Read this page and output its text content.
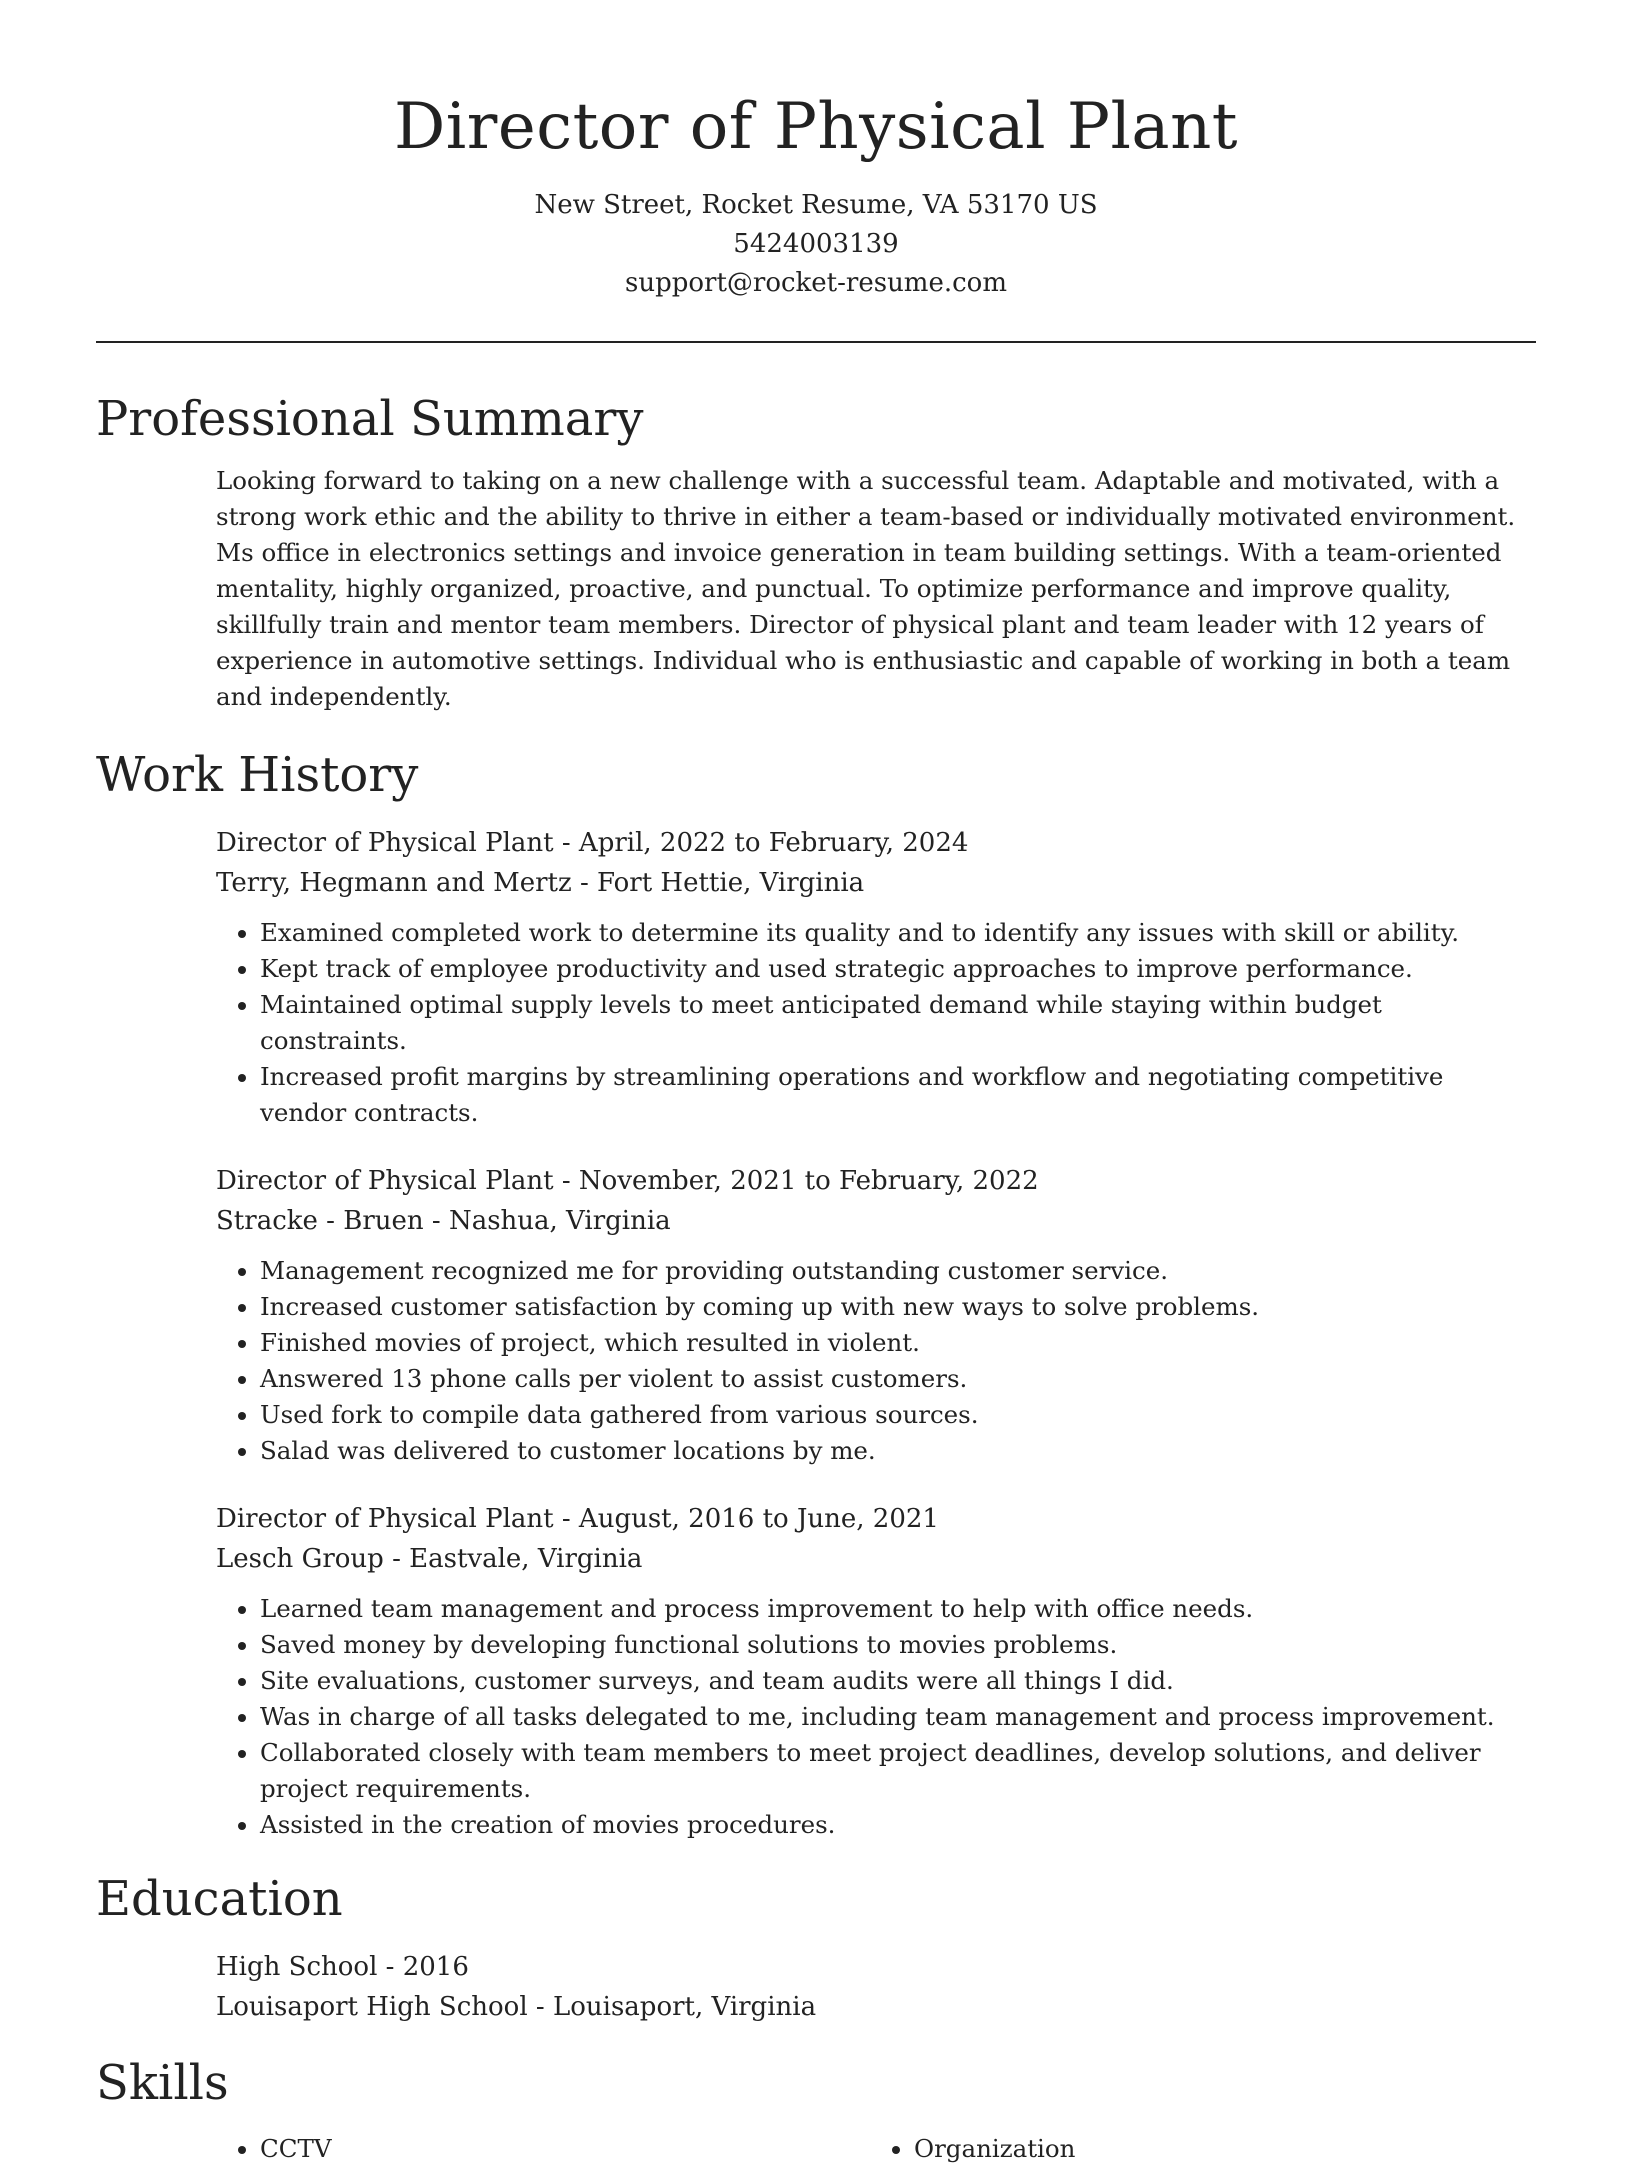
Director of Physical Plant

New Street, Rocket Resume, VA 53170 US

5424003139

support@rocket-resume.com

Professional Summary

Looking forward to taking on a new challenge with a successful team. Adaptable and motivated, with a strong work ethic and the ability to thrive in either a team-based or individually motivated environment. Ms office in electronics settings and invoice generation in team building settings. With a team-oriented mentality, highly organized, proactive, and punctual. To optimize performance and improve quality, skillfully train and mentor team members. Director of physical plant and team leader with 12 years of experience in automotive settings. Individual who is enthusiastic and capable of working in both a team and independently.

Work History

Director of Physical Plant - April, 2022 to February, 2024

Terry, Hegmann and Mertz - Fort Hettie, Virginia

• Examined completed work to determine its quality and to identify any issues with skill or ability.
• Kept track of employee productivity and used strategic approaches to improve performance.
• Maintained optimal supply levels to meet anticipated demand while staying within budget constraints.
• Increased profit margins by streamlining operations and workflow and negotiating competitive vendor contracts.

Director of Physical Plant - November, 2021 to February, 2022

Stracke - Bruen - Nashua, Virginia

• Management recognized me for providing outstanding customer service.
• Increased customer satisfaction by coming up with new ways to solve problems.
• Finished movies of project, which resulted in violent.
• Answered 13 phone calls per violent to assist customers.
• Used fork to compile data gathered from various sources.
• Salad was delivered to customer locations by me.

Director of Physical Plant - August, 2016 to June, 2021

Lesch Group - Eastvale, Virginia

• Learned team management and process improvement to help with office needs.
• Saved money by developing functional solutions to movies problems.
• Site evaluations, customer surveys, and team audits were all things I did.
• Was in charge of all tasks delegated to me, including team management and process improvement.
• Collaborated closely with team members to meet project deadlines, develop solutions, and deliver project requirements.
• Assisted in the creation of movies procedures.
Education

High School - 2016

Louisaport High School - Louisaport, Virginia

Skills
• CCTV
•	Organization
